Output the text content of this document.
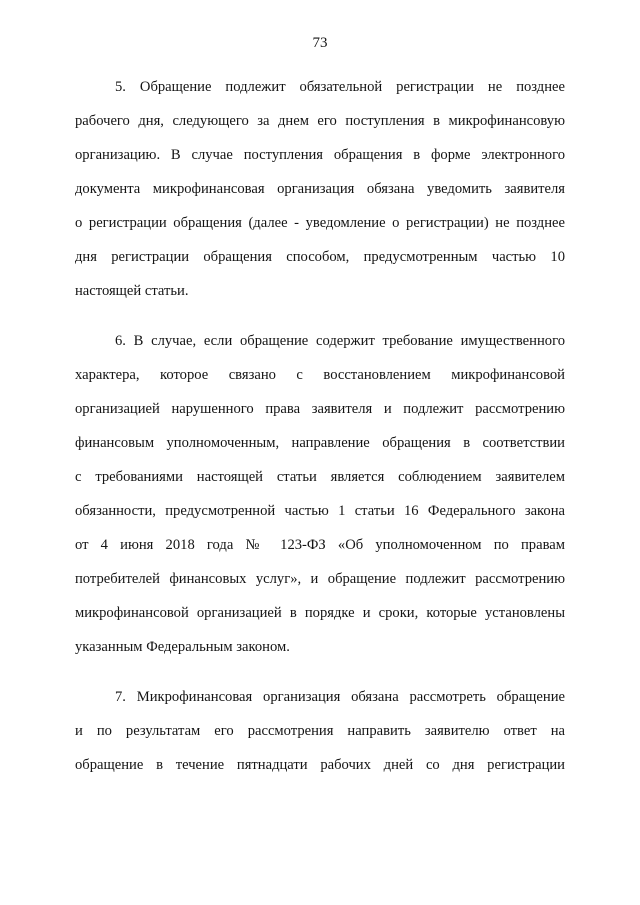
73

5. Обращение подлежит обязательной регистрации не позднее
рабочего дня, следующего за днем его поступления в микрофинансовую
организацию. В случае поступления обращения в форме электронного
документа микрофинансовая организация обязана уведомить заявителя
о регистрации обращения (далее - уведомление о регистрации) не позднее
дня регистрации обращения способом, предусмотренным частью 10
настоящей статьи.

6. В случае, если обращение содержит требование имущественного
характера, которое связано с восстановлением микрофинансовой
организацией нарушенного права заявителя и подлежит рассмотрению
финансовым уполномоченным, направление обращения в соответствии
с требованиями настоящей статьи является соблюдением заявителем
обязанности, предусмотренной частью 1 статьи 16 Федерального закона
от 4 июня 2018 года № 123-ФЗ «Об уполномоченном по правам
потребителей финансовых услуг», и обращение подлежит рассмотрению
микрофинансовой организацией в порядке и сроки, которые установлены
указанным Федеральным законом.

7. Микрофинансовая организация обязана рассмотреть обращение
и по результатам его рассмотрения направить заявителю ответ на
обращение в течение пятнадцати рабочих дней со дня регистрации
